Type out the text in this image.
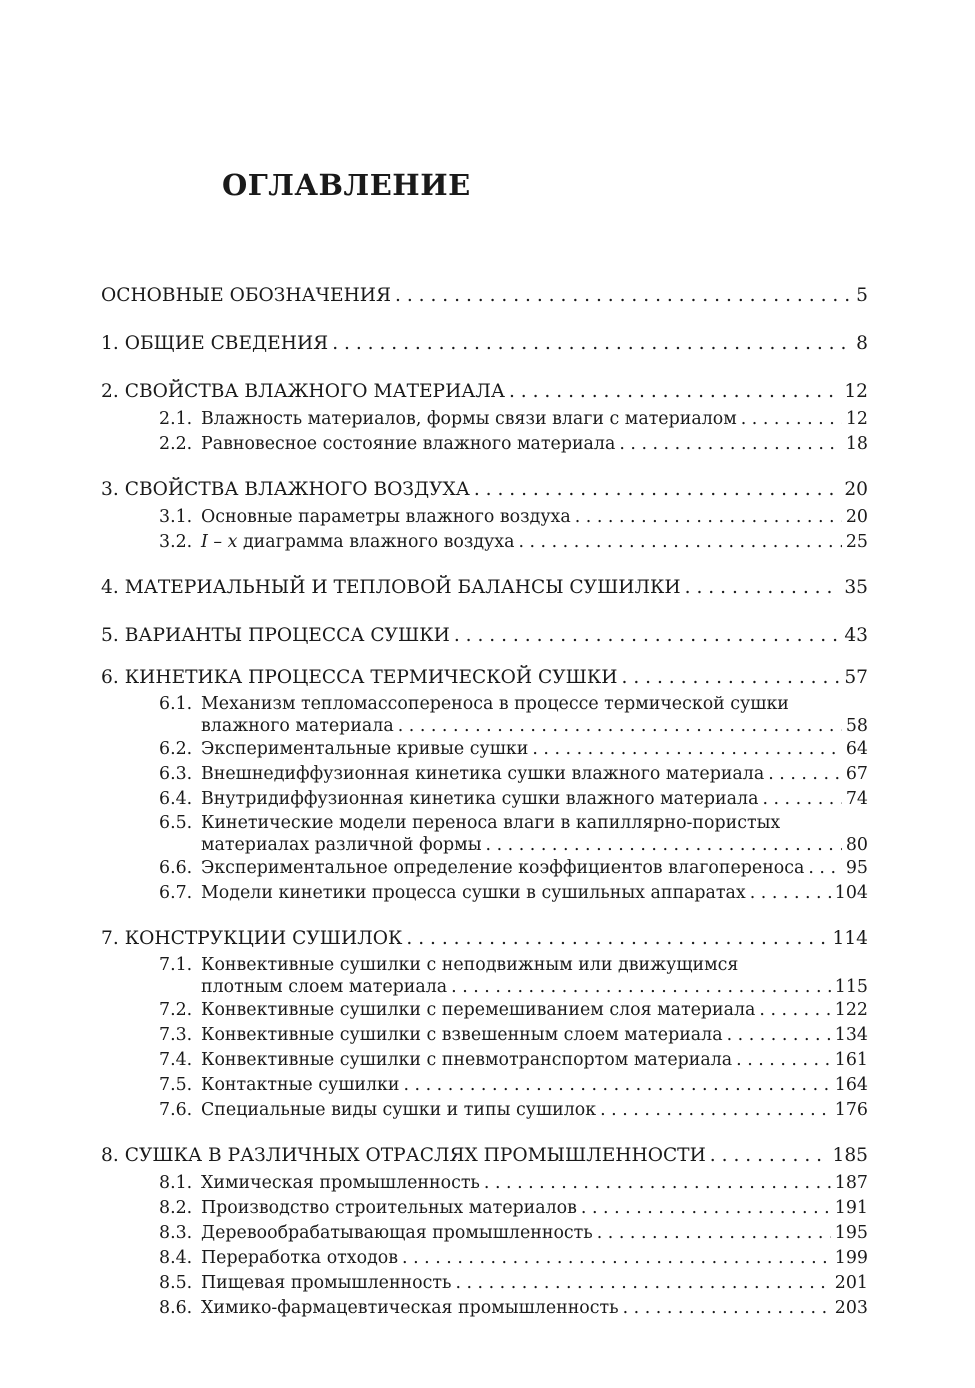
ОГЛАВЛЕНИЕ
ОСНОВНЫЕ ОБОЗНАЧЕНИЯ . . .	5
1. ОБЩИЕ СВЕДЕНИЯ . . .	8
2. СВОЙСТВА ВЛАЖНОГО МАТЕРИАЛА . . .	12
2.1. Влажность материалов, формы связи влаги с материалом . . .	12
2.2. Равновесное состояние влажного материала . . .	18
3. СВОЙСТВА ВЛАЖНОГО ВОЗДУХА . . .	20
3.1. Основные параметры влажного воздуха . . .	20
3.2. I – x диаграмма влажного воздуха . . .	25
4. МАТЕРИАЛЬНЫЙ И ТЕПЛОВОЙ БАЛАНСЫ СУШИЛКИ . . .	35
5. ВАРИАНТЫ ПРОЦЕССА СУШКИ . . .	43
6. КИНЕТИКА ПРОЦЕССА ТЕРМИЧЕСКОЙ СУШКИ . . .	57
6.1. Механизм тепломассопереноса в процессе термической сушки
влажного материала . . .	58
6.2. Экспериментальные кривые сушки . . .	64
6.3. Внешнедиффузионная кинетика сушки влажного материала . . .	67
6.4. Внутридиффузионная кинетика сушки влажного материала . . .	74
6.5. Кинетические модели переноса влаги в капиллярно-пористых
материалах различной формы . . .	80
6.6. Экспериментальное определение коэффициентов влагопереноса . . . 95
6.7. Модели кинетики процесса сушки в сушильных аппаратах . . .	104
7. КОНСТРУКЦИИ СУШИЛОК . . .	114
7.1. Конвективные сушилки с неподвижным или движущимся
плотным слоем материала . . .	115
7.2. Конвективные сушилки с перемешиванием слоя материала . . .	122
7.3. Конвективные сушилки с взвешенным слоем материала . . .	134
7.4. Конвективные сушилки с пневмотранспортом материала . . .	161
7.5. Контактные сушилки . . .	164
7.6. Специальные виды сушки и типы сушилок . . .	176
8. СУШКА В РАЗЛИЧНЫХ ОТРАСЛЯХ ПРОМЫШЛЕННОСТИ . . .	185
8.1. Химическая промышленность . . .	187
8.2. Производство строительных материалов . . .	191
8.3. Деревообрабатывающая промышленность . . .	195
8.4. Переработка отходов . . .	199
8.5. Пищевая промышленность . . .	201
8.6. Химико-фармацевтическая промышленность . . .	203
